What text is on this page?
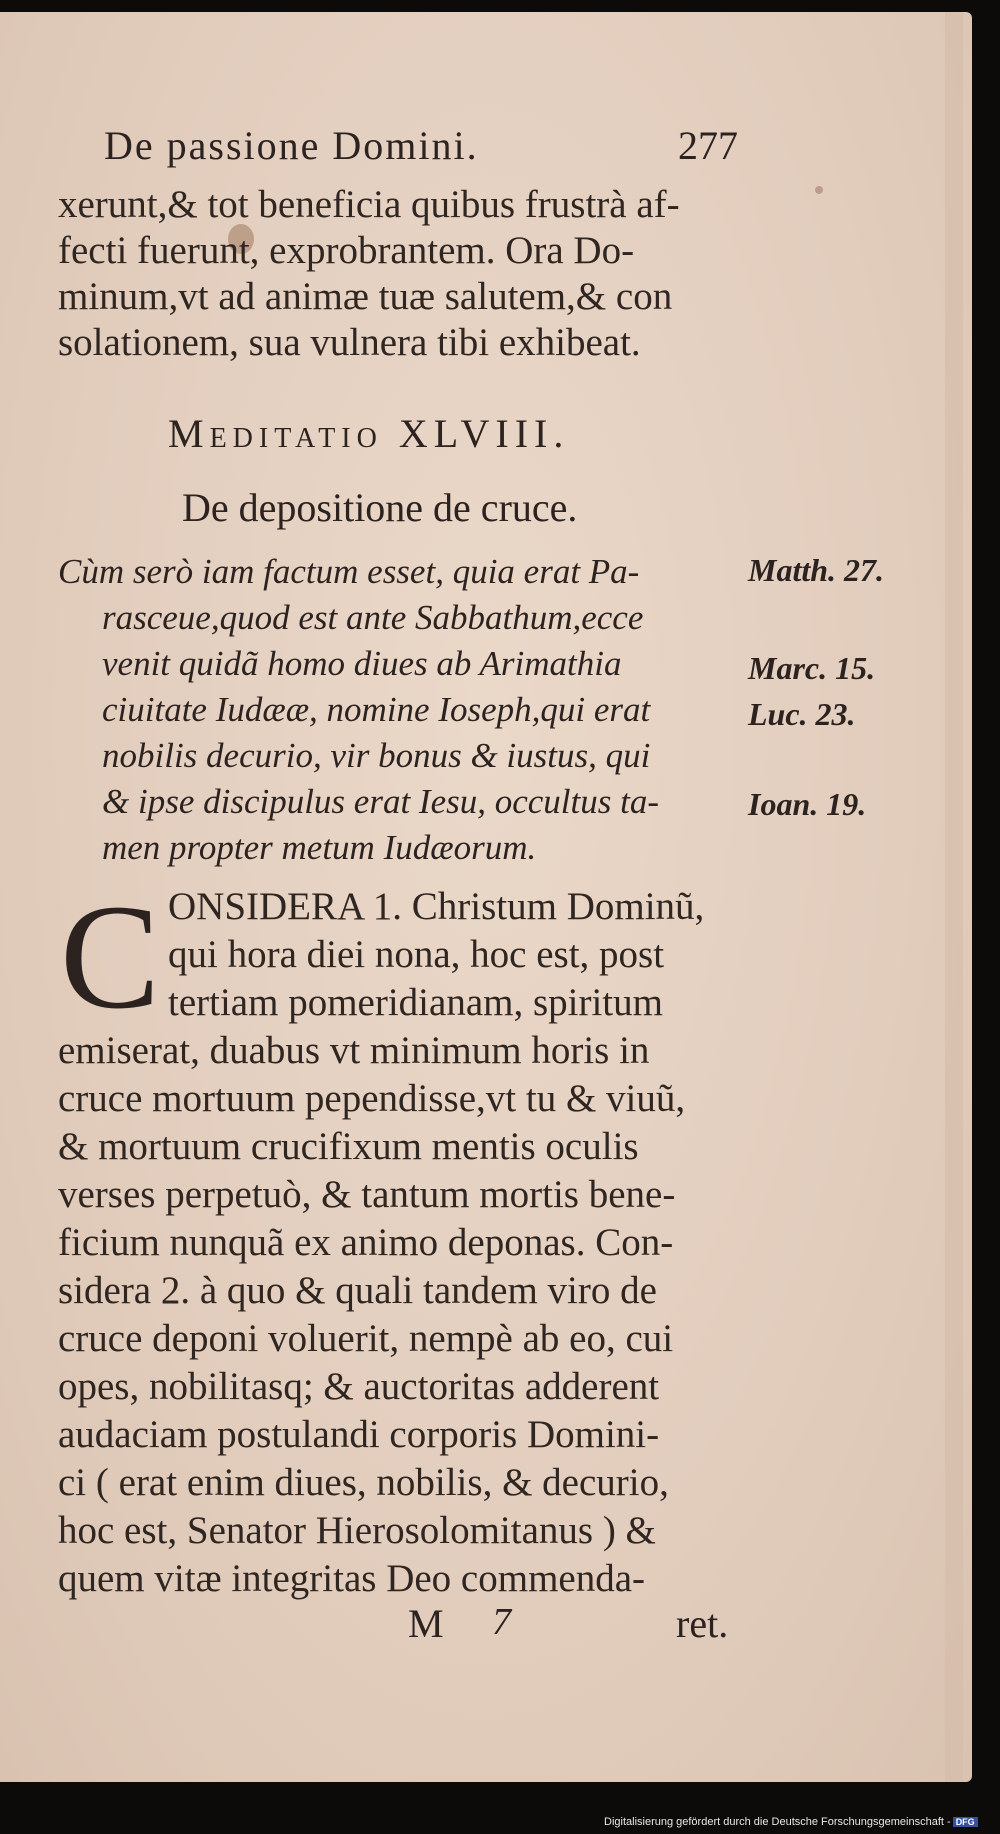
De passione Domini.	277
xerunt,& tot beneficia quibus frustrà af-
fecti fuerunt, exprobrantem. Ora Do-
minum,vt ad animæ tuæ salutem,& con
solationem, sua vulnera tibi exhibeat.
Meditatio XLVIII.
De depositione de cruce.
Cùm serò iam factum esset, quia erat Pa-
rasceue,quod est ante Sabbathum,ecce
venit quidã homo diues ab Arimathia
ciuitate Iudææ, nomine Ioseph,qui erat
nobilis decurio, vir bonus & iustus, qui
& ipse discipulus erat Iesu, occultus ta-
men propter metum Iudæorum.
Matth. 27.
Marc. 15.
Luc. 23.
Ioan. 19.
C ONSIDERA 1. Christum Dominũ,
qui hora diei nona, hoc est, post
tertiam pomeridianam, spiritum
emiserat, duabus vt minimum horis in
cruce mortuum pependisse,vt tu & viuũ,
& mortuum crucifixum mentis oculis
verses perpetuò, & tantum mortis bene-
ficium nunquã ex animo deponas. Con-
sidera 2. à quo & quali tandem viro de
cruce deponi voluerit, nempè ab eo, cui
opes, nobilitasq; & auctoritas adderent
audaciam postulandi corporis Domini-
ci ( erat enim diues, nobilis, & decurio,
hoc est, Senator Hierosolomitanus ) &
quem vitæ integritas Deo commenda-
M 7	ret.
Digitalisierung gefördert durch die Deutsche Forschungsgemeinschaft - DFG
